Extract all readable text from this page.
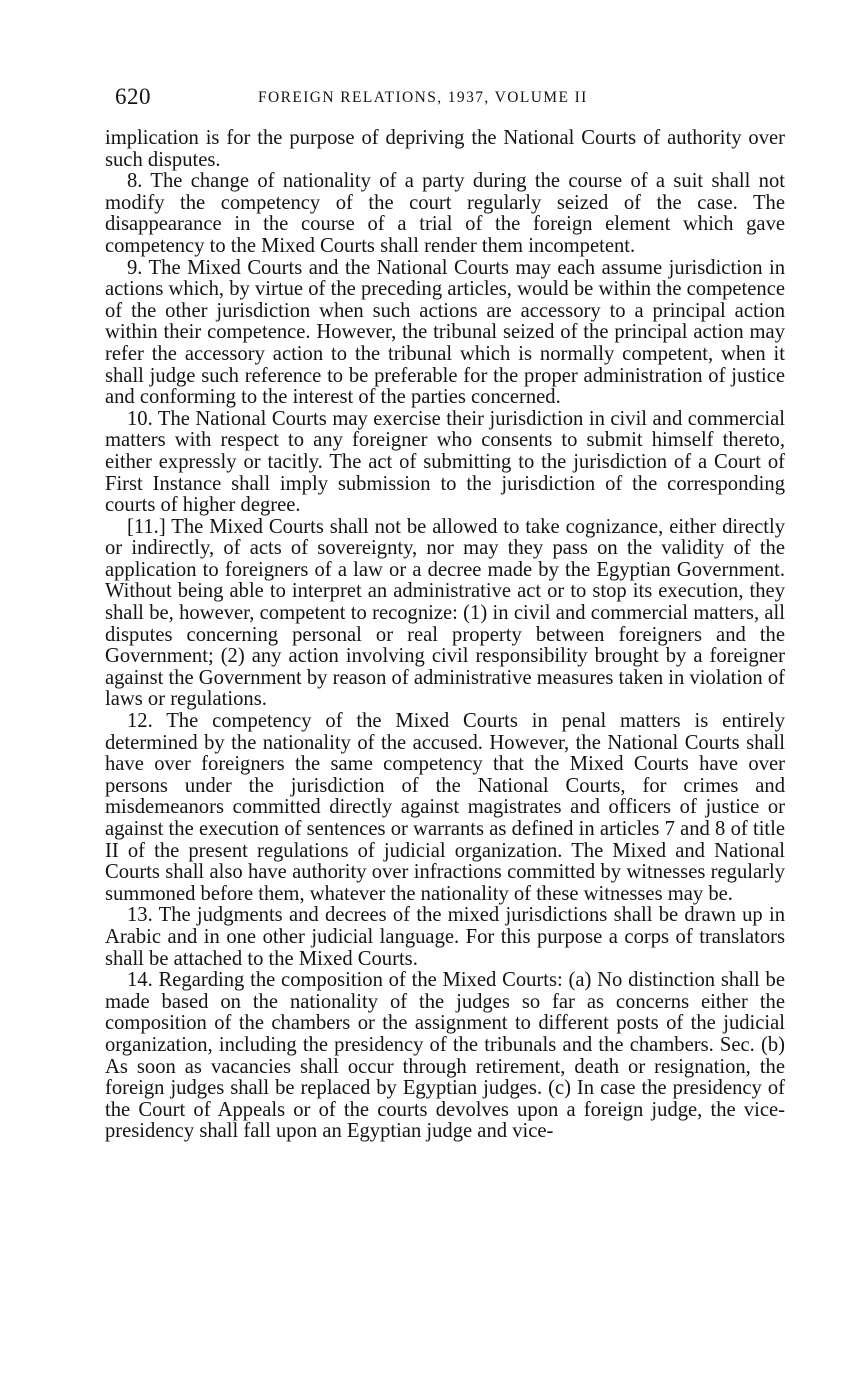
620	FOREIGN RELATIONS, 1937, VOLUME II

implication is for the purpose of depriving the National Courts of authority over such disputes.

8. The change of nationality of a party during the course of a suit shall not modify the competency of the court regularly seized of the case. The disappearance in the course of a trial of the foreign element which gave competency to the Mixed Courts shall render them incompetent.

9. The Mixed Courts and the National Courts may each assume jurisdiction in actions which, by virtue of the preceding articles, would be within the competence of the other jurisdiction when such actions are accessory to a principal action within their competence. However, the tribunal seized of the principal action may refer the accessory action to the tribunal which is normally competent, when it shall judge such reference to be preferable for the proper administration of justice and conforming to the interest of the parties concerned.

10. The National Courts may exercise their jurisdiction in civil and commercial matters with respect to any foreigner who consents to submit himself thereto, either expressly or tacitly. The act of submitting to the jurisdiction of a Court of First Instance shall imply submission to the jurisdiction of the corresponding courts of higher degree.

[11.] The Mixed Courts shall not be allowed to take cognizance, either directly or indirectly, of acts of sovereignty, nor may they pass on the validity of the application to foreigners of a law or a decree made by the Egyptian Government. Without being able to interpret an administrative act or to stop its execution, they shall be, however, competent to recognize: (1) in civil and commercial matters, all disputes concerning personal or real property between foreigners and the Government; (2) any action involving civil responsibility brought by a foreigner against the Government by reason of administrative measures taken in violation of laws or regulations.

12. The competency of the Mixed Courts in penal matters is entirely determined by the nationality of the accused. However, the National Courts shall have over foreigners the same competency that the Mixed Courts have over persons under the jurisdiction of the National Courts, for crimes and misdemeanors committed directly against magistrates and officers of justice or against the execution of sentences or warrants as defined in articles 7 and 8 of title II of the present regulations of judicial organization. The Mixed and National Courts shall also have authority over infractions committed by witnesses regularly summoned before them, whatever the nationality of these witnesses may be.

13. The judgments and decrees of the mixed jurisdictions shall be drawn up in Arabic and in one other judicial language. For this purpose a corps of translators shall be attached to the Mixed Courts.

14. Regarding the composition of the Mixed Courts: (a) No distinction shall be made based on the nationality of the judges so far as concerns either the composition of the chambers or the assignment to different posts of the judicial organization, including the presidency of the tribunals and the chambers. Sec. (b) As soon as vacancies shall occur through retirement, death or resignation, the foreign judges shall be replaced by Egyptian judges. (c) In case the presidency of the Court of Appeals or of the courts devolves upon a foreign judge, the vice-presidency shall fall upon an Egyptian judge and vice-
